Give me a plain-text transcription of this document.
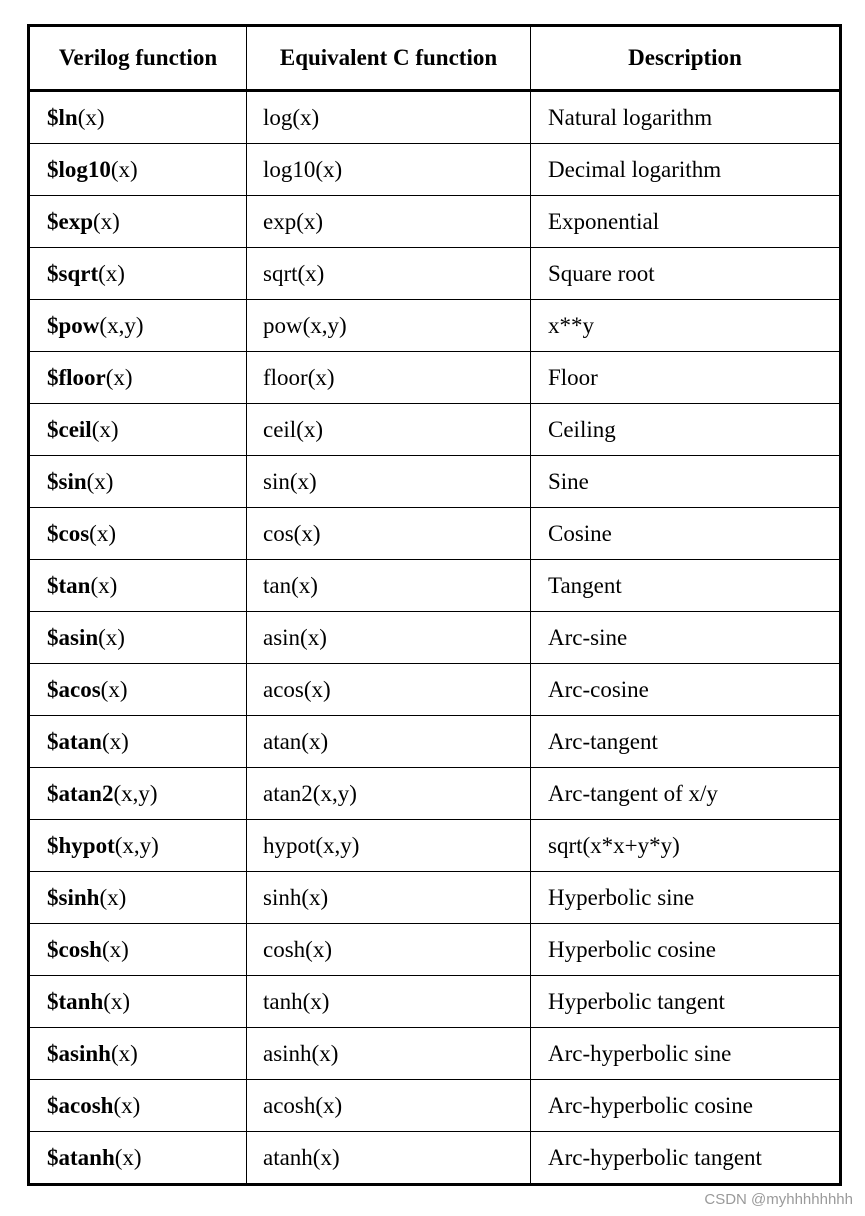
Verilog function	Equivalent C function	Description
$ln(x)	log(x)	Natural logarithm
$log10(x)	log10(x)	Decimal logarithm
$exp(x)	exp(x)	Exponential
$sqrt(x)	sqrt(x)	Square root
$pow(x,y)	pow(x,y)	x**y
$floor(x)	floor(x)	Floor
$ceil(x)	ceil(x)	Ceiling
$sin(x)	sin(x)	Sine
$cos(x)	cos(x)	Cosine
$tan(x)	tan(x)	Tangent
$asin(x)	asin(x)	Arc-sine
$acos(x)	acos(x)	Arc-cosine
$atan(x)	atan(x)	Arc-tangent
$atan2(x,y)	atan2(x,y)	Arc-tangent of x/y
$hypot(x,y)	hypot(x,y)	sqrt(x*x+y*y)
$sinh(x)	sinh(x)	Hyperbolic sine
$cosh(x)	cosh(x)	Hyperbolic cosine
$tanh(x)	tanh(x)	Hyperbolic tangent
$asinh(x)	asinh(x)	Arc-hyperbolic sine
$acosh(x)	acosh(x)	Arc-hyperbolic cosine
$atanh(x)	atanh(x)	Arc-hyperbolic tangent
CSDN @myhhhhhhhh
